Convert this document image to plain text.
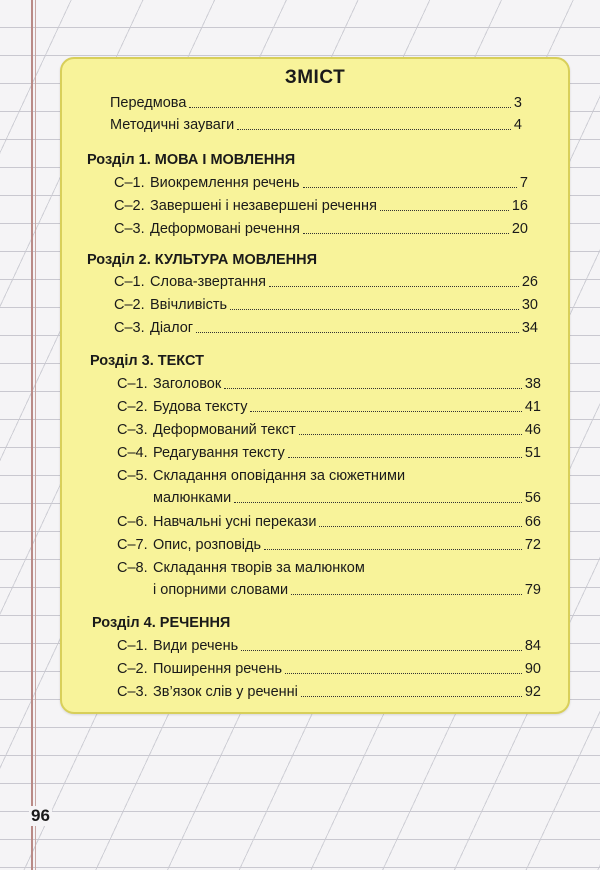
ЗМІСТ
Передмова	3
Методичні зауваги	4
Розділ 1. МОВА І МОВЛЕННЯ
С–1. Виокремлення речень	7
С–2. Завершені і незавершені речення	16
С–3. Деформовані речення	20
Розділ 2. КУЛЬТУРА МОВЛЕННЯ
С–1. Слова-звертання	26
С–2. Ввічливість	30
С–3. Діалог	34
Розділ 3. ТЕКСТ
С–1. Заголовок	38
С–2. Будова тексту	41
С–3. Деформований текст	46
С–4. Редагування тексту	51
С–5. Складання оповідання за сюжетними
малюнками	56
С–6. Навчальні усні перекази	66
С–7. Опис, розповідь	72
С–8. Складання творів за малюнком
і опорними словами	79
Розділ 4. РЕЧЕННЯ
С–1. Види речень	84
С–2. Поширення речень	90
С–3. Зв’язок слів у реченні	92
96
